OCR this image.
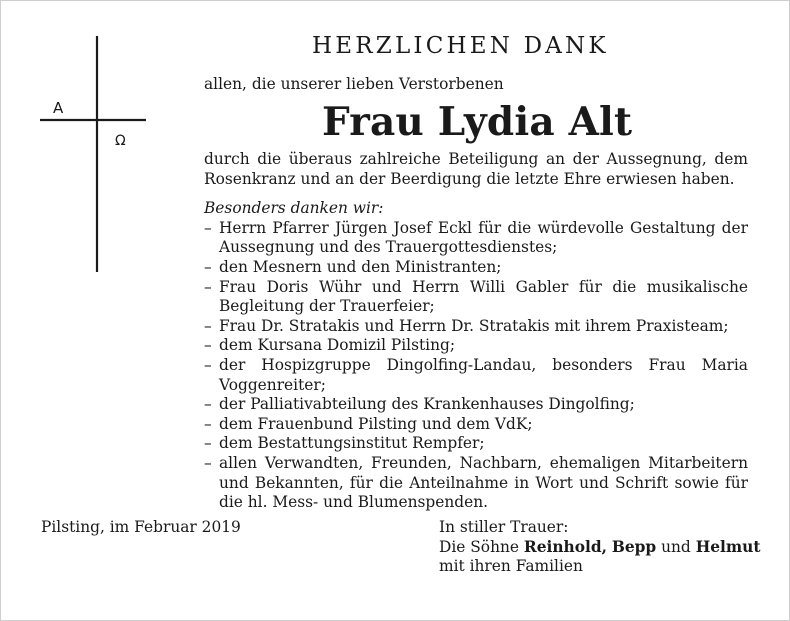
A
Ω
HERZLICHEN DANK
allen, die unserer lieben Verstorbenen
Frau Lydia Alt
durch die überaus zahlreiche Beteiligung an der Aussegnung, dem Rosenkranz und an der Beerdigung die letzte Ehre erwiesen haben.
Besonders danken wir:
– Herrn Pfarrer Jürgen Josef Eckl für die würdevolle Gestaltung der Aussegnung und des Trauergottesdienstes;
– den Mesnern und den Ministranten;
– Frau Doris Wühr und Herrn Willi Gabler für die musikalische Begleitung der Trauerfeier;
– Frau Dr. Stratakis und Herrn Dr. Stratakis mit ihrem Praxisteam;
– dem Kursana Domizil Pilsting;
– der Hospizgruppe Dingolfing-Landau, besonders Frau Maria Voggenreiter;
– der Palliativabteilung des Krankenhauses Dingolfing;
– dem Frauenbund Pilsting und dem VdK;
– dem Bestattungsinstitut Rempfer;
– allen Verwandten, Freunden, Nachbarn, ehemaligen Mitarbeitern und Bekannten, für die Anteilnahme in Wort und Schrift sowie für die hl. Mess- und Blumenspenden.
Pilsting, im Februar 2019	In stiller Trauer:
Die Söhne Reinhold, Bepp und Helmut
mit ihren Familien
